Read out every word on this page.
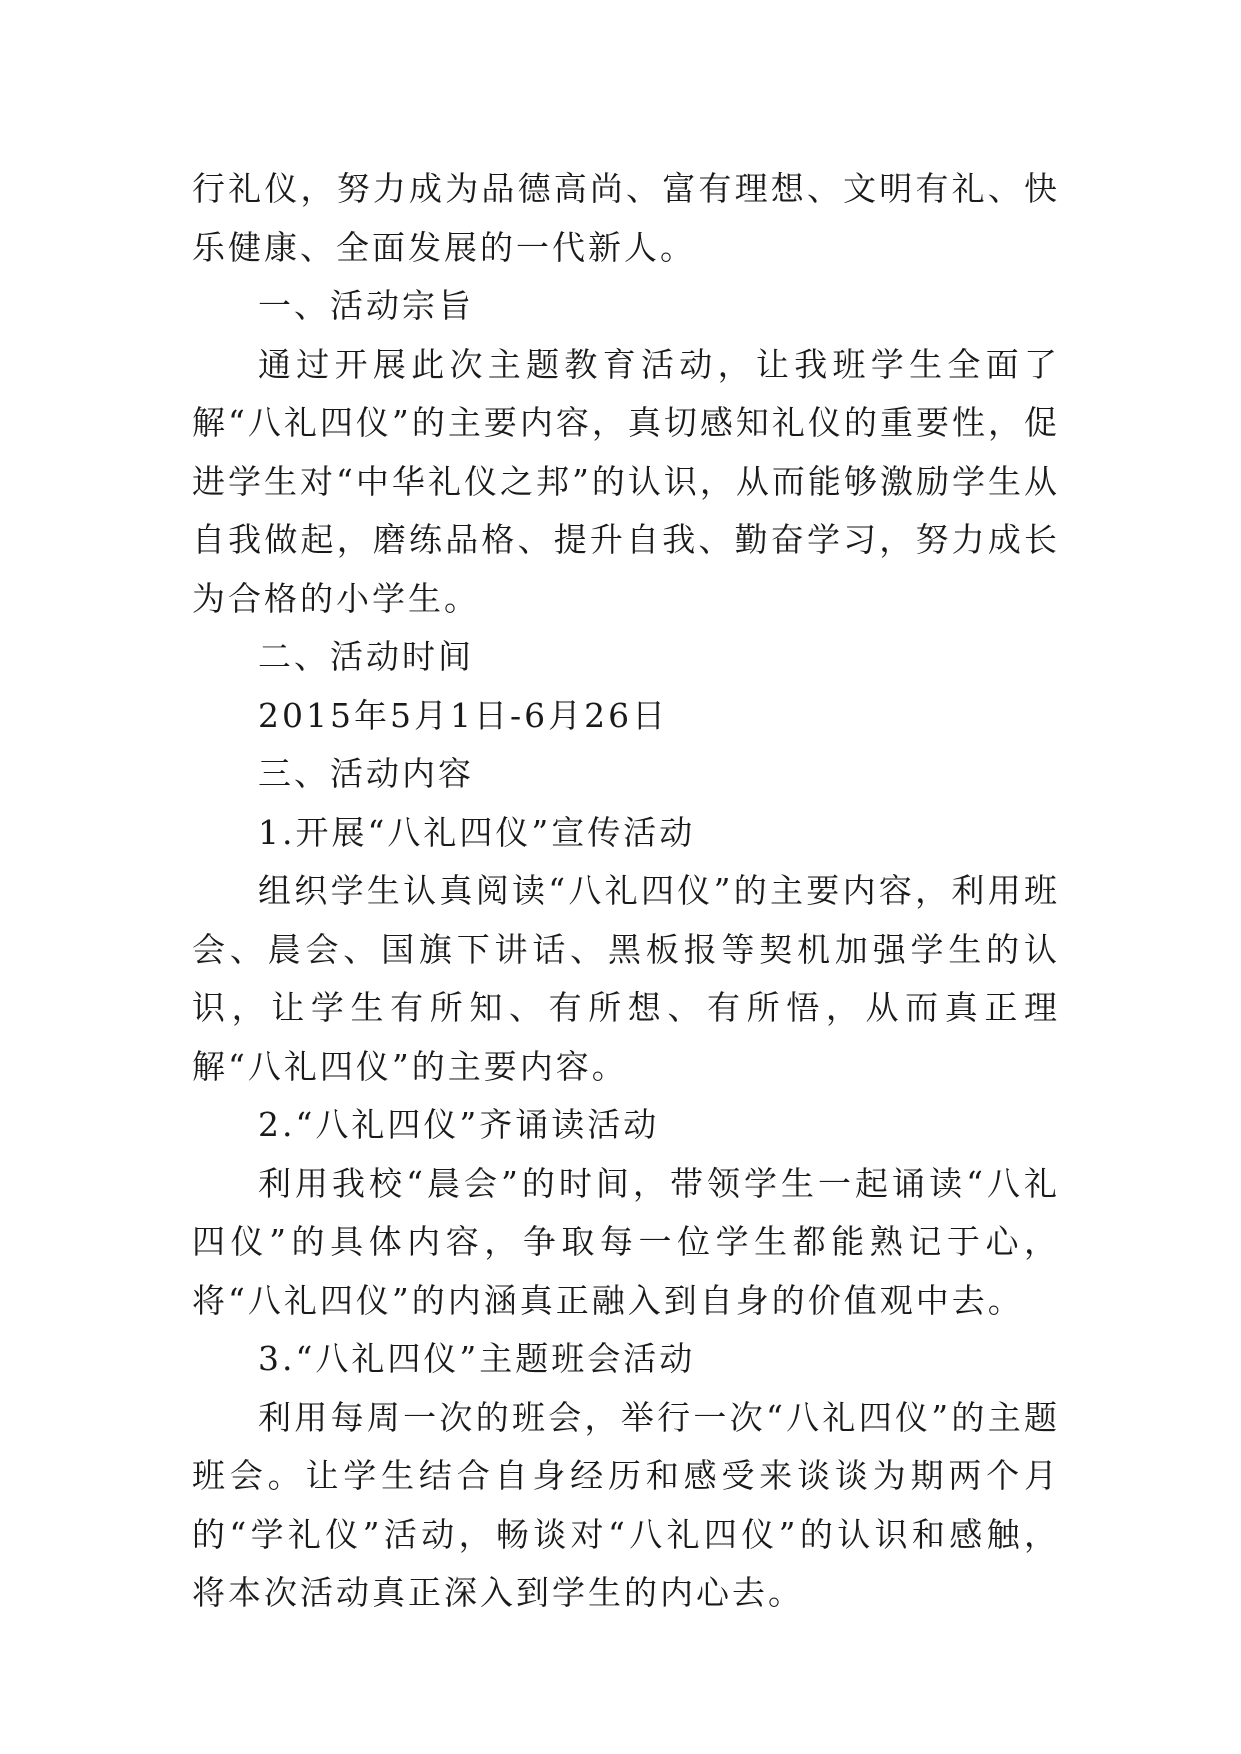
行礼仪，努力成为品德高尚、富有理想、文明有礼、快乐健康、全面发展的一代新人。

一、活动宗旨

通过开展此次主题教育活动，让我班学生全面了解“八礼四仪”的主要内容，真切感知礼仪的重要性，促进学生对“中华礼仪之邦”的认识，从而能够激励学生从自我做起，磨练品格、提升自我、勤奋学习，努力成长为合格的小学生。

二、活动时间

2015年5月1日-6月26日

三、活动内容

1.开展“八礼四仪”宣传活动

组织学生认真阅读“八礼四仪”的主要内容，利用班会、晨会、国旗下讲话、黑板报等契机加强学生的认识，让学生有所知、有所想、有所悟，从而真正理解“八礼四仪”的主要内容。

2.“八礼四仪”齐诵读活动

利用我校“晨会”的时间，带领学生一起诵读“八礼四仪”的具体内容，争取每一位学生都能熟记于心，将“八礼四仪”的内涵真正融入到自身的价值观中去。

3.“八礼四仪”主题班会活动

利用每周一次的班会，举行一次“八礼四仪”的主题班会。让学生结合自身经历和感受来谈谈为期两个月的“学礼仪”活动，畅谈对“八礼四仪”的认识和感触，将本次活动真正深入到学生的内心去。
